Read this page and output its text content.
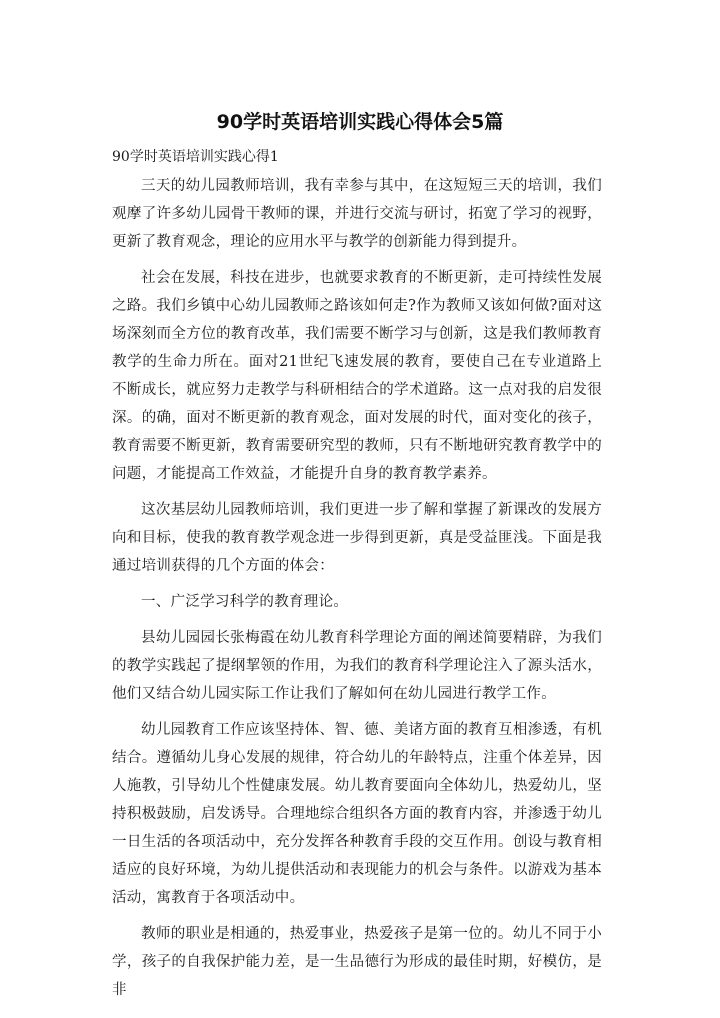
90学时英语培训实践心得体会5篇
90学时英语培训实践心得1

三天的幼儿园教师培训，我有幸参与其中，在这短短三天的培训，我们观摩了许多幼儿园骨干教师的课，并进行交流与研讨，拓宽了学习的视野，更新了教育观念，理论的应用水平与教学的创新能力得到提升。

社会在发展，科技在进步，也就要求教育的不断更新，走可持续性发展之路。我们乡镇中心幼儿园教师之路该如何走?作为教师又该如何做?面对这场深刻而全方位的教育改革，我们需要不断学习与创新，这是我们教师教育教学的生命力所在。面对21世纪飞速发展的教育，要使自己在专业道路上不断成长，就应努力走教学与科研相结合的学术道路。这一点对我的启发很深。的确，面对不断更新的教育观念，面对发展的时代，面对变化的孩子，教育需要不断更新，教育需要研究型的教师，只有不断地研究教育教学中的问题，才能提高工作效益，才能提升自身的教育教学素养。

这次基层幼儿园教师培训，我们更进一步了解和掌握了新课改的发展方向和目标，使我的教育教学观念进一步得到更新，真是受益匪浅。下面是我通过培训获得的几个方面的体会：

一、广泛学习科学的教育理论。

县幼儿园园长张梅霞在幼儿教育科学理论方面的阐述简要精辟，为我们的教学实践起了提纲挈领的作用，为我们的教育科学理论注入了源头活水，他们又结合幼儿园实际工作让我们了解如何在幼儿园进行教学工作。

幼儿园教育工作应该坚持体、智、德、美诸方面的教育互相渗透，有机结合。遵循幼儿身心发展的规律，符合幼儿的年龄特点，注重个体差异，因人施教，引导幼儿个性健康发展。幼儿教育要面向全体幼儿，热爱幼儿，坚持积极鼓励，启发诱导。合理地综合组织各方面的教育内容，并渗透于幼儿一日生活的各项活动中，充分发挥各种教育手段的交互作用。创设与教育相适应的良好环境，为幼儿提供活动和表现能力的机会与条件。以游戏为基本活动，寓教育于各项活动中。

教师的职业是相通的，热爱事业，热爱孩子是第一位的。幼儿不同于小学，孩子的自我保护能力差，是一生品德行为形成的最佳时期，好模仿，是非
